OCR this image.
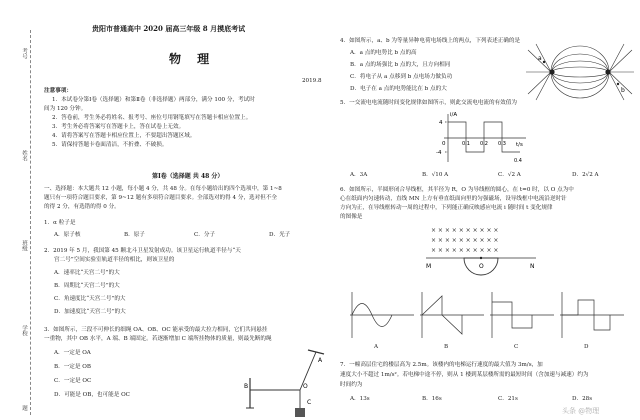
考号
姓名
班级
学校
题
贵阳市普通高中 2020 届高三年级 8 月摸底考试
物 理
2019.8
注意事项：
1．本试卷分第Ⅰ卷（选择题）和第Ⅱ卷（非选择题）两部分，满分 100 分，考试时
间为 120 分钟。
2．答卷前，考生务必将姓名、报考号、座位号用钢笔填写在答题卡相应位置上。
3．考生务必将答案写在答题卡上，答在试卷上无效。
4．请将答案写在答题卡相应位置上，不要超出答题区域。
5．请保持答题卡卷面清洁，不折叠、不破损。
第Ⅰ卷（选择题 共 48 分）
一、选择题：本大题共 12 小题，每小题 4 分，共 48 分。在每小题给出的四个选项中，第 1~8
题只有一项符合题目要求，第 9~12 题有多项符合题目要求。全部选对的得 4 分，选对但不全
的得 2 分，有选错的得 0 分。
1．α 粒子是
A．原子核	B．原子	C．分子	D．光子
2．2019 年 5 月，我国第 45 颗北斗卫星发射成功。该卫星运行轨道半径与“天
宫二号”空间实验室轨道半径的相比，则该卫星的
A．速率比“天宫二号”的大
B．周期比“天宫二号”的大
C．角速度比“天宫二号”的大
D．加速度比“天宫二号”的大
3．如图所示，三段不可伸长的细绳 OA、OB、OC 能承受的最大拉力相同，它们共同悬挂
一重物，其中 OB 水平，A 端、B 端固定。若逐渐增加 C 端所挂物体的质量，则最先断的绳
A．一定是 OA
B．一定是 OB
C．一定是 OC
D．可能是 OB，也可能是 OC
B
A
O
C
4．如图所示，a、b 为等量异种电荷电场线上的两点，下列表述正确的是
A．a 点的电势比 b 点的高
B．a 点的场强比 b 点的大，且方向相同
C．将电子从 a 点移到 b 点电场力做负功
D．电子在 a 点的电势能比在 b 点的大
a
b
5．一交流电电流随时间变化规律如图所示，则此交流电电流的有效值为
i/A
t/s
4
-4
0	0.1 0.2 0.3
0.4
A．3A	B．√10 A	C．√2 A	D．2√2 A
6．如图所示，半圆形闭合导线框，其半径为 R，O 为导线框的圆心，在 t=0 时，以 O 点为中
心在纸面内匀速转动，直线 MN 上方有垂直纸面向里的匀强磁场，设导线框中电流沿逆时针
方向为正，在导线框转动一周的过程中，下列能正确反映感应电流 i 随时间 t 变化规律
的图像是
× × × × × × × × × ×
× × × × × × × × × ×
× × × × × × × × × ×
O
M	N
A	B	C	D
7．一幢高层住宅的楼层高为 2.5m。该楼内的电梯运行速度的最大值为 3m/s，加
速度大小不超过 1m/s²。若电梯中途不停，则从 1 楼到某层楼所需的最短时间（含加速与减速）约为
时间约为
A．13s	B．16s	C．21s	D．28s
头条 @物理
